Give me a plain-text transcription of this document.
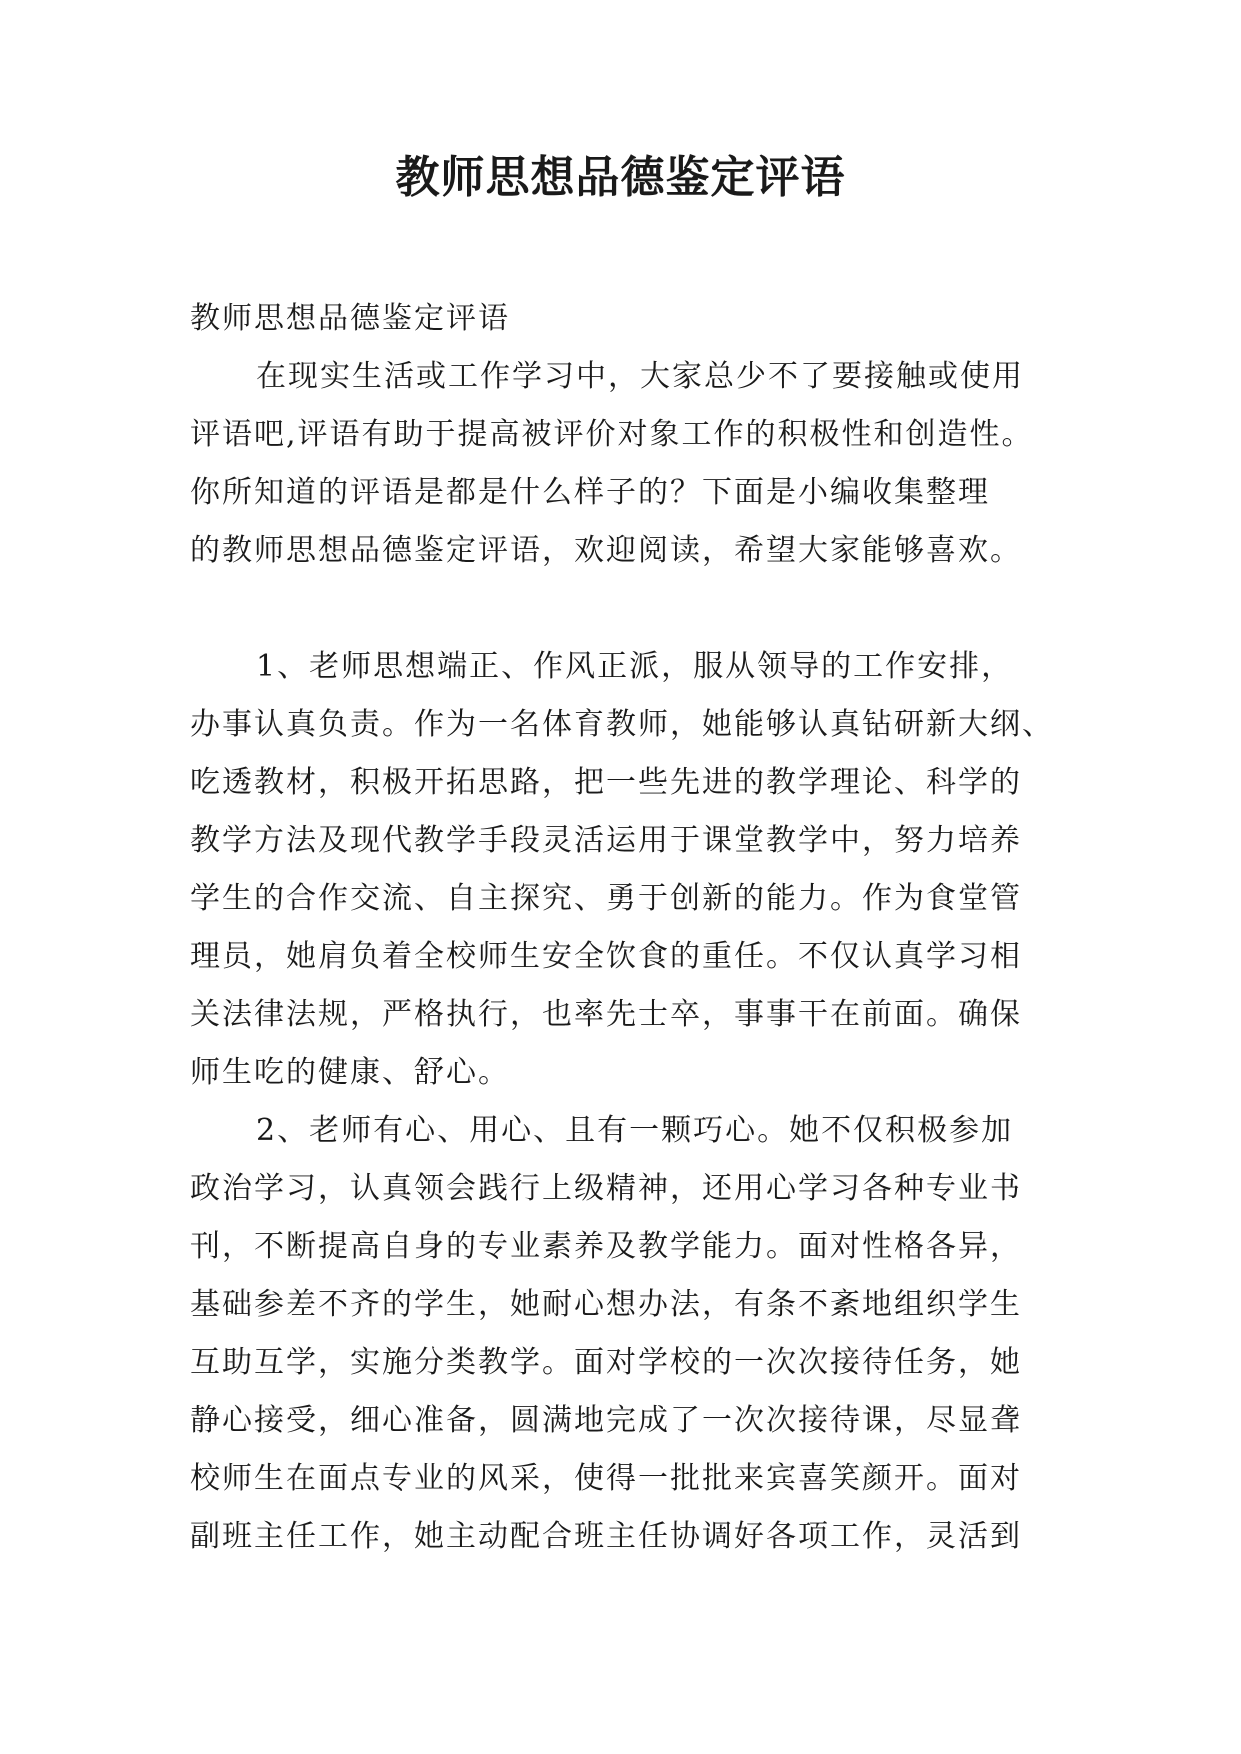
教师思想品德鉴定评语

教师思想品德鉴定评语

在现实生活或工作学习中，大家总少不了要接触或使用

评语吧,评语有助于提高被评价对象工作的积极性和创造性。

你所知道的评语是都是什么样子的？下面是小编收集整理

的教师思想品德鉴定评语，欢迎阅读，希望大家能够喜欢。

1、老师思想端正、作风正派，服从领导的工作安排，

办事认真负责。作为一名体育教师，她能够认真钻研新大纲、

吃透教材，积极开拓思路，把一些先进的教学理论、科学的

教学方法及现代教学手段灵活运用于课堂教学中，努力培养

学生的合作交流、自主探究、勇于创新的能力。作为食堂管

理员，她肩负着全校师生安全饮食的重任。不仅认真学习相

关法律法规，严格执行，也率先士卒，事事干在前面。确保

师生吃的健康、舒心。

2、老师有心、用心、且有一颗巧心。她不仅积极参加

政治学习，认真领会践行上级精神，还用心学习各种专业书

刊，不断提高自身的专业素养及教学能力。面对性格各异，

基础参差不齐的学生，她耐心想办法，有条不紊地组织学生

互助互学，实施分类教学。面对学校的一次次接待任务，她

静心接受，细心准备，圆满地完成了一次次接待课，尽显聋

校师生在面点专业的风采，使得一批批来宾喜笑颜开。面对

副班主任工作，她主动配合班主任协调好各项工作，灵活到
